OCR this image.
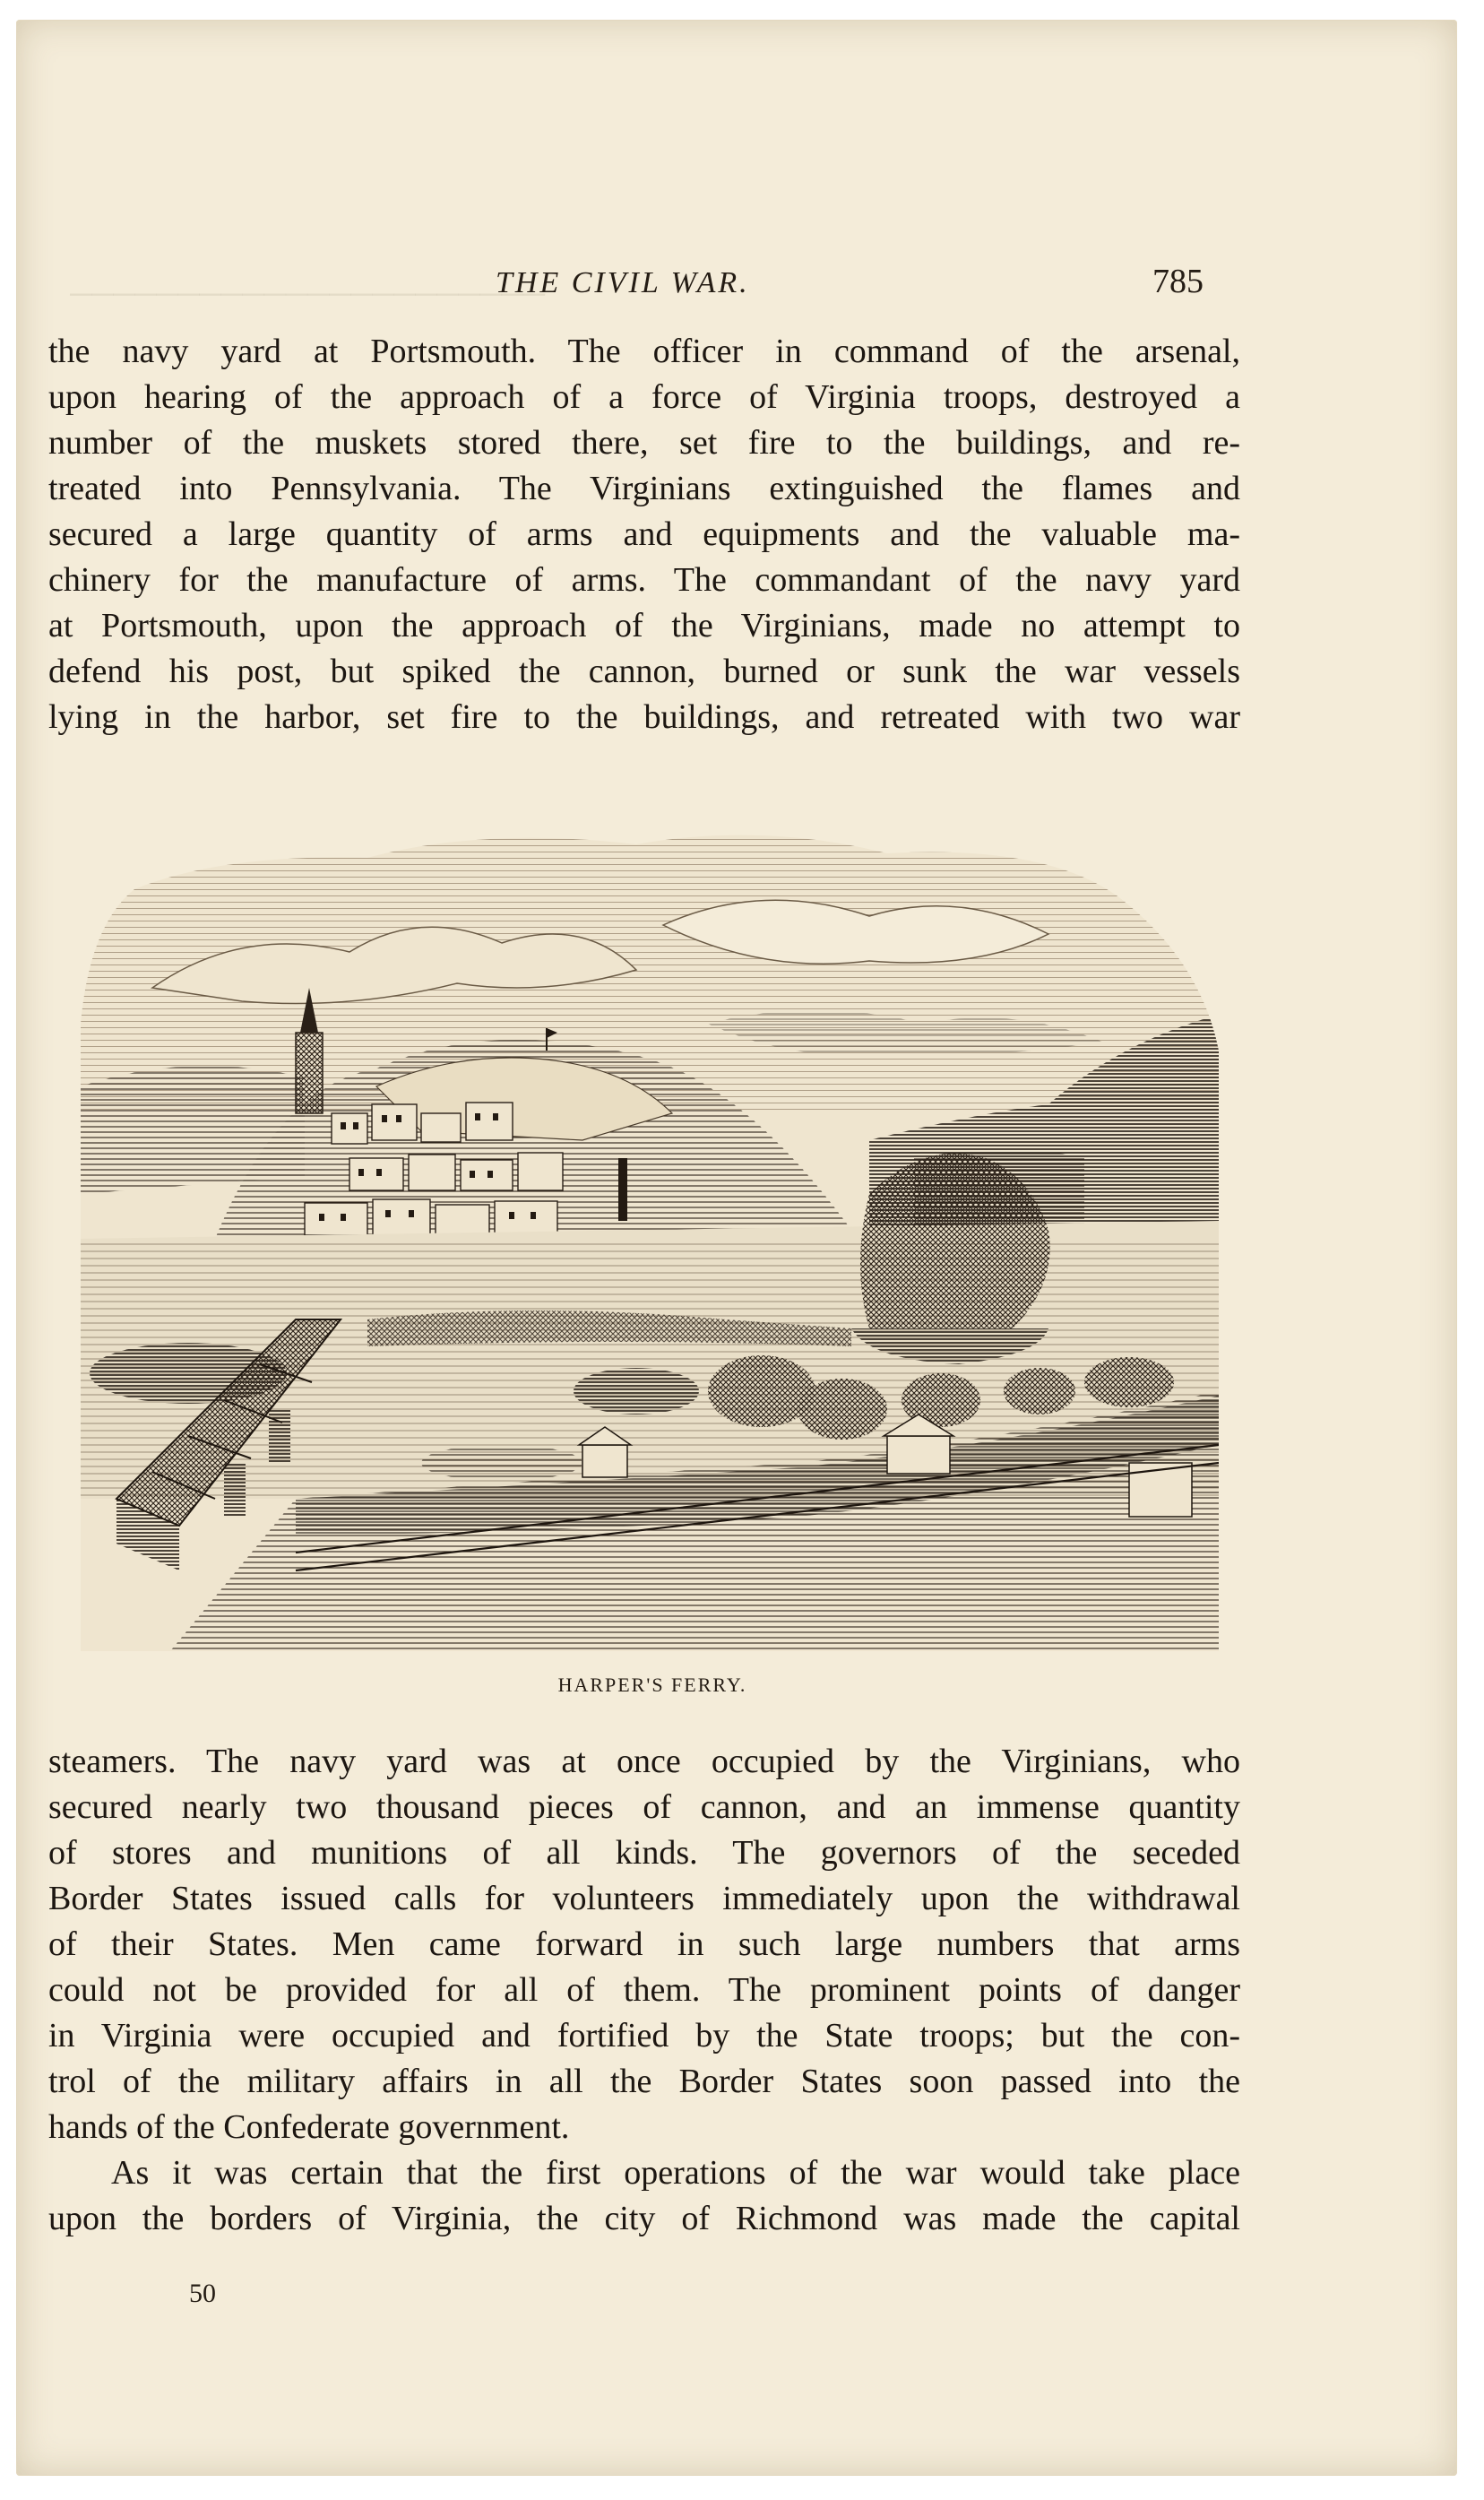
──────────────────────
THE CIVIL WAR.	785
the navy yard at Portsmouth. The officer in command of the arsenal,
upon hearing of the approach of a force of Virginia troops, destroyed a
number of the muskets stored there, set fire to the buildings, and re-
treated into Pennsylvania. The Virginians extinguished the flames and
secured a large quantity of arms and equipments and the valuable ma-
chinery for the manufacture of arms. The commandant of the navy yard
at Portsmouth, upon the approach of the Virginians, made no attempt to
defend his post, but spiked the cannon, burned or sunk the war vessels
lying in the harbor, set fire to the buildings, and retreated with two war
HARPER'S FERRY.
steamers. The navy yard was at once occupied by the Virginians, who
secured nearly two thousand pieces of cannon, and an immense quantity
of stores and munitions of all kinds. The governors of the seceded
Border States issued calls for volunteers immediately upon the withdrawal
of their States. Men came forward in such large numbers that arms
could not be provided for all of them. The prominent points of danger
in Virginia were occupied and fortified by the State troops; but the con-
trol of the military affairs in all the Border States soon passed into the
hands of the Confederate government.
As it was certain that the first operations of the war would take place
upon the borders of Virginia, the city of Richmond was made the capital
50
